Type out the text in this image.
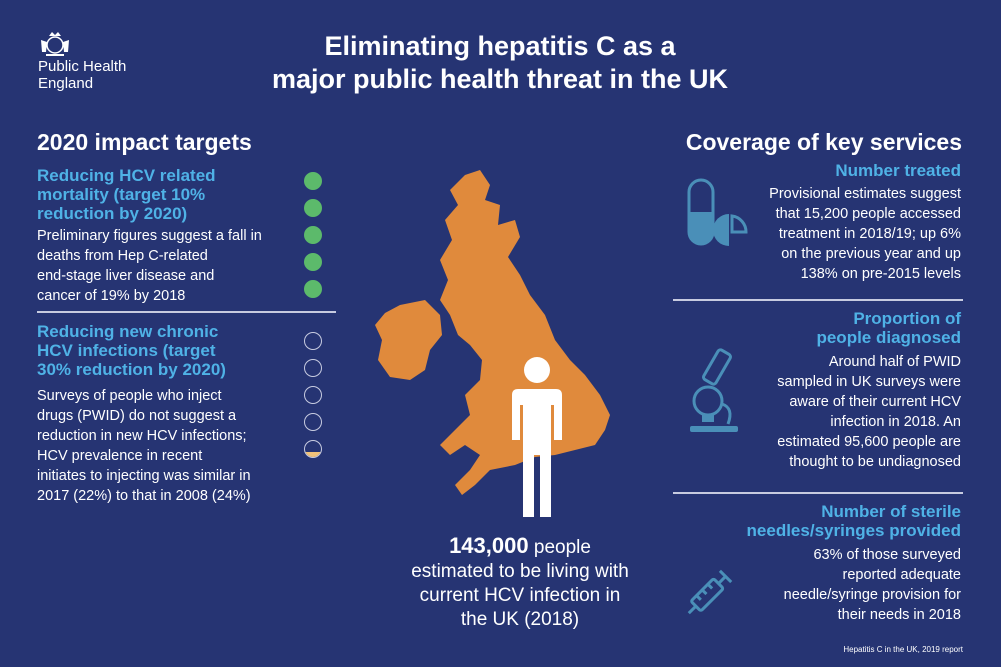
Public Health
England
Eliminating hepatitis C as a
major public health threat in the UK
2020 impact targets
Reducing HCV related
mortality (target 10%
reduction by 2020)
Preliminary figures suggest a fall in
deaths from Hep C-related
end-stage liver disease and
cancer of 19% by 2018
Reducing new chronic
HCV infections (target
30% reduction by 2020)
Surveys of people who inject
drugs (PWID) do not suggest a
reduction in new HCV infections;
HCV prevalence in recent
initiates to injecting was similar in
2017 (22%) to that in 2008 (24%)
143,000 people
estimated to be living with
current HCV infection in
the UK (2018)
Coverage of key services
Number treated
Provisional estimates suggest
that 15,200 people accessed
treatment in 2018/19; up 6%
on the previous year and up
138% on pre-2015 levels
Proportion of
people diagnosed
Around half of PWID
sampled in UK surveys were
aware of their current HCV
infection in 2018. An
estimated 95,600 people are
thought to be undiagnosed
Number of sterile
needles/syringes provided
63% of those surveyed
reported adequate
needle/syringe provision for
their needs in 2018
Hepatitis C in the UK, 2019 report
